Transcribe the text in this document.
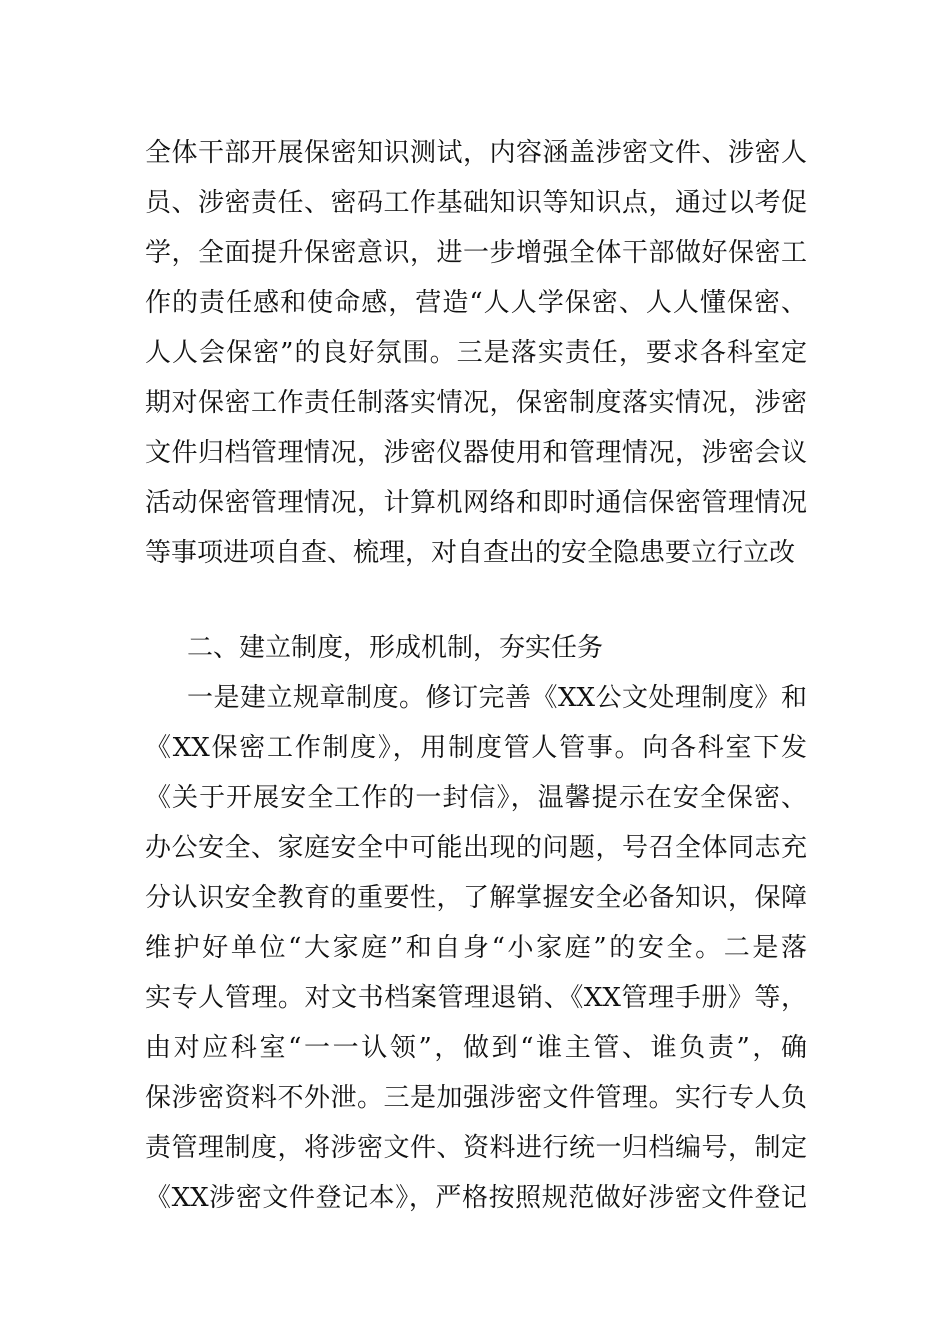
全体干部开展保密知识测试，内容涵盖涉密文件、涉密人
员、涉密责任、密码工作基础知识等知识点，通过以考促
学，全面提升保密意识，进一步增强全体干部做好保密工
作的责任感和使命感，营造“人人学保密、人人懂保密、
人人会保密”的良好氛围。三是落实责任，要求各科室定
期对保密工作责任制落实情况，保密制度落实情况，涉密
文件归档管理情况，涉密仪器使用和管理情况，涉密会议
活动保密管理情况，计算机网络和即时通信保密管理情况
等事项进项自查、梳理，对自查出的安全隐患要立行立改
二、建立制度，形成机制，夯实任务
一是建立规章制度。修订完善《XX公文处理制度》和
《XX保密工作制度》，用制度管人管事。向各科室下发
《关于开展安全工作的一封信》，温馨提示在安全保密、
办公安全、家庭安全中可能出现的问题，号召全体同志充
分认识安全教育的重要性，了解掌握安全必备知识，保障
维护好单位“大家庭”和自身“小家庭”的安全。二是落
实专人管理。对文书档案管理退销、《XX管理手册》等，
由对应科室“一一认领”，做到“谁主管、谁负责”，确
保涉密资料不外泄。三是加强涉密文件管理。实行专人负
责管理制度，将涉密文件、资料进行统一归档编号，制定
《XX涉密文件登记本》，严格按照规范做好涉密文件登记
